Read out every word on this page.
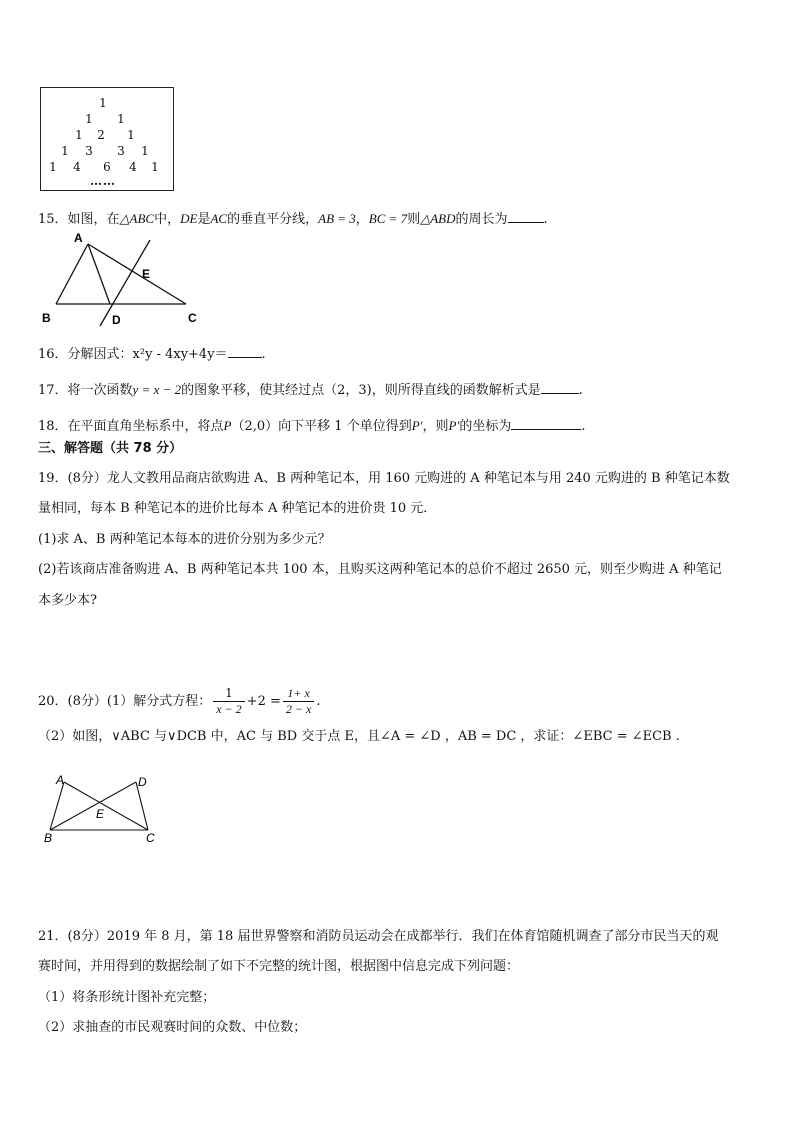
1
1 1
1 2 1
1 3 3 1
1 4 6 4 1
……
15．如图，在△ABC中，DE是AC的垂直平分线，AB = 3，BC = 7则△ABD的周长为	.
A
B	C
D
E
16．分解因式：x²y - 4xy+4y＝	.
17．将一次函数y = x − 2的图象平移，使其经过点（2，3)，则所得直线的函数解析式是	.
18．在平面直角坐标系中，将点P（2,0）向下平移 1 个单位得到P′，则P′的坐标为	.
三、解答题（共 78 分）
19．(8分）龙人文教用品商店欲购进 A、B 两种笔记本，用 160 元购进的 A 种笔记本与用 240 元购进的 B 种笔记本数
量相同，每本 B 种笔记本的进价比每本 A 种笔记本的进价贵 10 元．
(1)求 A、B 两种笔记本每本的进价分别为多少元？
(2)若该商店准备购进 A、B 两种笔记本共 100 本，且购买这两种笔记本的总价不超过 2650 元，则至少购进 A 种笔记
本多少本?
20．(8分）(1）解分式方程： $\frac{1}{x - 2} +2 = \frac{1+ x}{2 - x}$ .
（2）如图，∨ABC 与∨DCB 中，AC 与 BD 交于点 E，且∠A = ∠D ，AB = DC ，求证：∠EBC = ∠ECB .
A	D
B	C
E
21．(8分）2019 年 8 月，第 18 届世界警察和消防员运动会在成都举行．我们在体育馆随机调查了部分市民当天的观
赛时间，并用得到的数据绘制了如下不完整的统计图，根据图中信息完成下列问题：
（1）将条形统计图补充完整；
（2）求抽查的市民观赛时间的众数、中位数；
